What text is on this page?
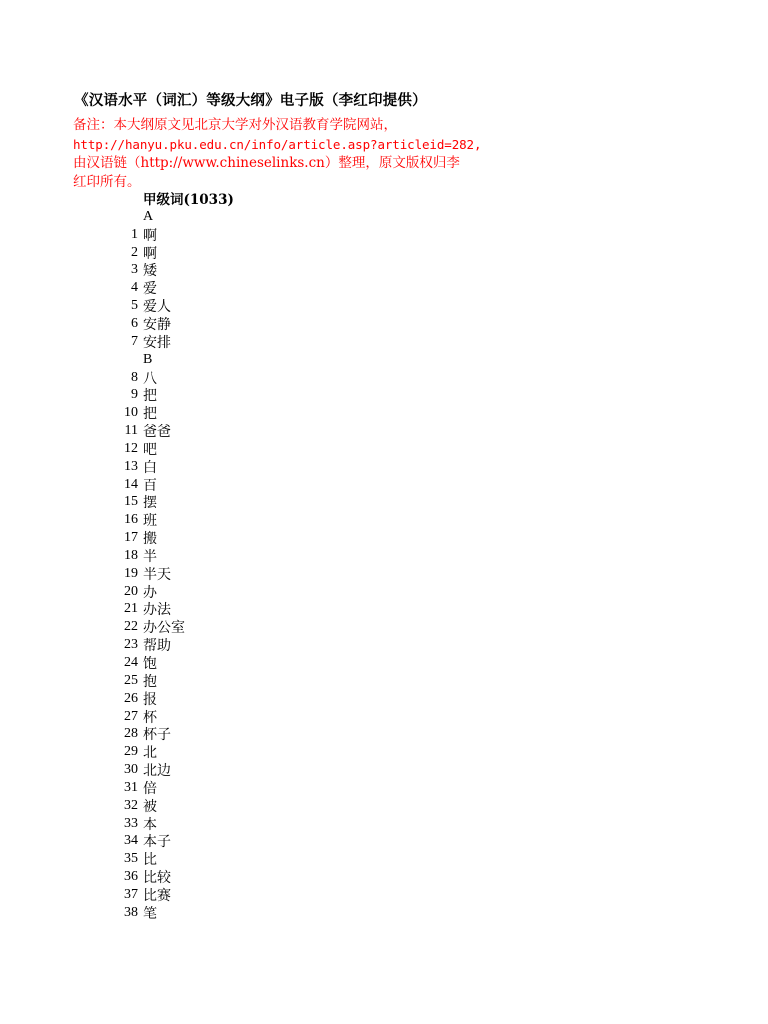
《汉语水平（词汇）等级大纲》电子版（李红印提供）
备注：本大纲原文见北京大学对外汉语教育学院网站，
http://hanyu.pku.edu.cn/info/article.asp?articleid=282,
由汉语链（http://www.chineselinks.cn）整理，原文版权归李
红印所有。
甲级词(1033)
A
1 啊
2 啊
3 矮
4 爱
5 爱人
6 安静
7 安排
B
8 八
9 把
10 把
11 爸爸
12 吧
13 白
14 百
15 摆
16 班
17 搬
18 半
19 半天
20 办
21 办法
22 办公室
23 帮助
24 饱
25 抱
26 报
27 杯
28 杯子
29 北
30 北边
31 倍
32 被
33 本
34 本子
35 比
36 比较
37 比赛
38 笔
